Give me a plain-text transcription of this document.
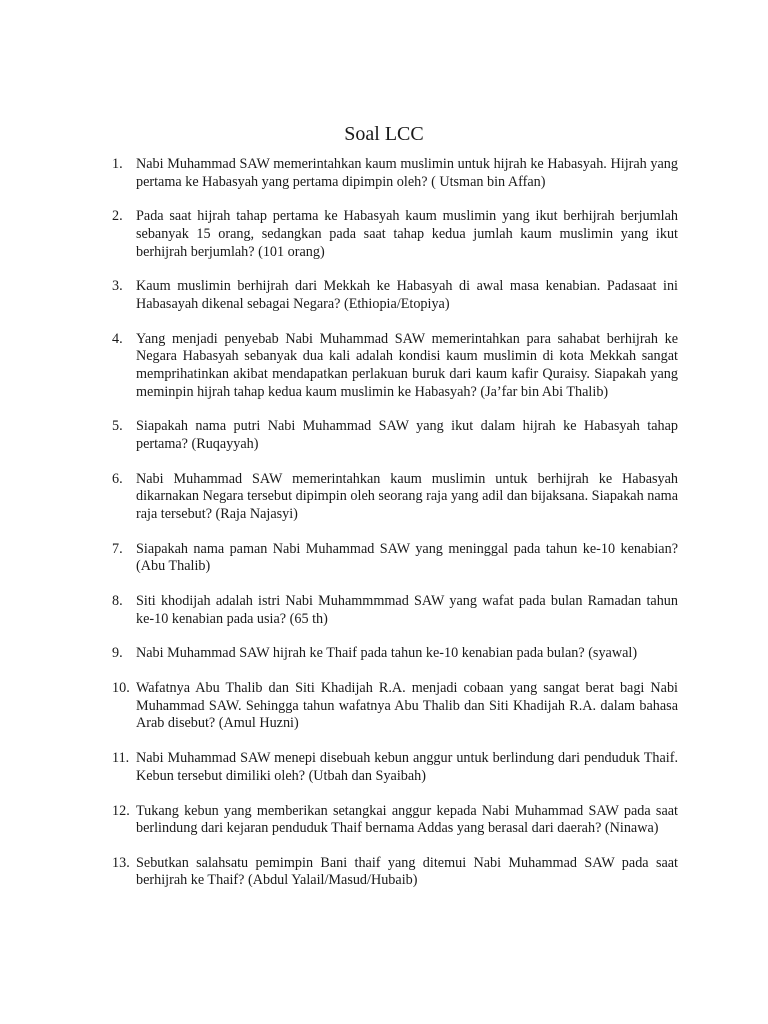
Soal LCC
1. Nabi Muhammad SAW memerintahkan kaum muslimin untuk hijrah ke Habasyah. Hijrah yang pertama ke Habasyah yang pertama dipimpin oleh? ( Utsman bin Affan)
2. Pada saat hijrah tahap pertama ke Habasyah kaum muslimin yang ikut berhijrah berjumlah sebanyak 15 orang, sedangkan pada saat tahap kedua jumlah kaum muslimin yang ikut berhijrah berjumlah? (101 orang)
3. Kaum muslimin berhijrah dari Mekkah ke Habasyah di awal masa kenabian. Padasaat ini Habasayah dikenal sebagai Negara? (Ethiopia/Etopiya)
4. Yang menjadi penyebab Nabi Muhammad SAW memerintahkan para sahabat berhijrah ke Negara Habasyah sebanyak dua kali adalah kondisi kaum muslimin di kota Mekkah sangat memprihatinkan akibat mendapatkan perlakuan buruk dari kaum kafir Quraisy. Siapakah yang meminpin hijrah tahap kedua kaum muslimin ke Habasyah? (Ja’far bin Abi Thalib)
5. Siapakah nama putri Nabi Muhammad SAW yang ikut dalam hijrah ke Habasyah tahap pertama? (Ruqayyah)
6. Nabi Muhammad SAW memerintahkan kaum muslimin untuk berhijrah ke Habasyah dikarnakan Negara tersebut dipimpin oleh seorang raja yang adil dan bijaksana. Siapakah nama raja tersebut? (Raja Najasyi)
7. Siapakah nama paman Nabi Muhammad SAW yang meninggal pada tahun ke-10 kenabian? (Abu Thalib)
8. Siti khodijah adalah istri Nabi Muhammmmad SAW yang wafat pada bulan Ramadan tahun ke-10 kenabian pada usia? (65 th)
9. Nabi Muhammad SAW hijrah ke Thaif pada tahun ke-10 kenabian pada bulan? (syawal)
10. Wafatnya Abu Thalib dan Siti Khadijah R.A. menjadi cobaan yang sangat berat bagi Nabi Muhammad SAW. Sehingga tahun wafatnya Abu Thalib dan Siti Khadijah R.A. dalam bahasa Arab disebut? (Amul Huzni)
11. Nabi Muhammad SAW menepi disebuah kebun anggur untuk berlindung dari penduduk Thaif. Kebun tersebut dimiliki oleh? (Utbah dan Syaibah)
12. Tukang kebun yang memberikan setangkai anggur kepada Nabi Muhammad SAW pada saat berlindung dari kejaran penduduk Thaif bernama Addas yang berasal dari daerah? (Ninawa)
13. Sebutkan salahsatu pemimpin Bani thaif yang ditemui Nabi Muhammad SAW pada saat berhijrah ke Thaif? (Abdul Yalail/Masud/Hubaib)
